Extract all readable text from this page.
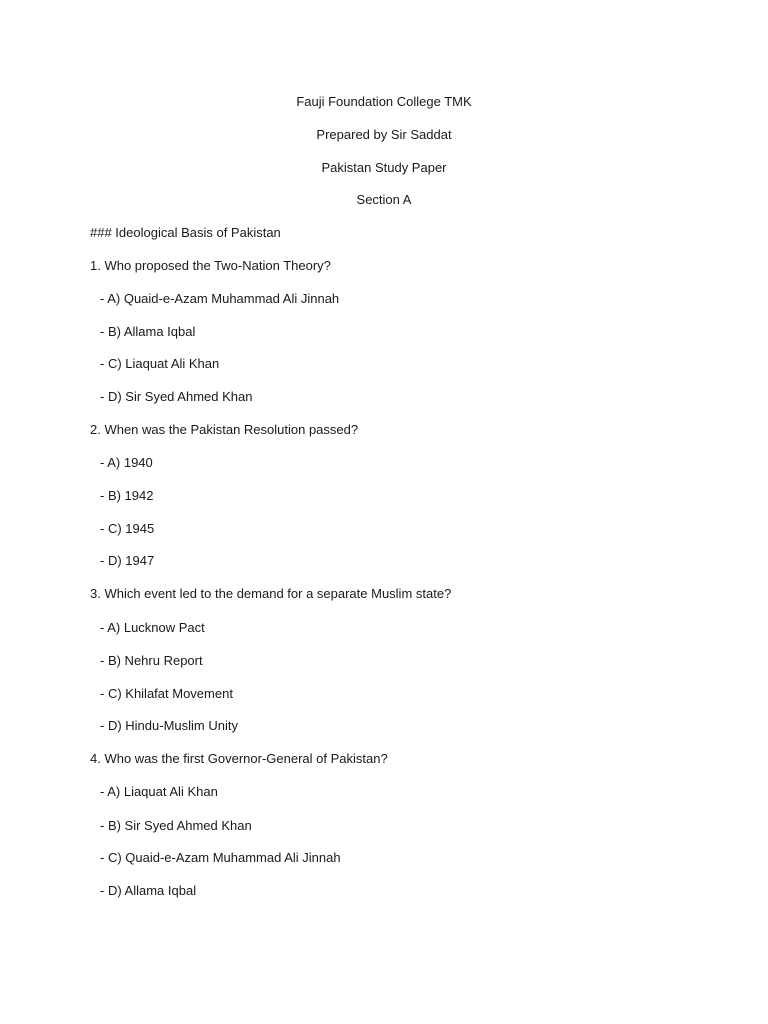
Fauji Foundation College TMK
Prepared by Sir Saddat
Pakistan Study Paper
Section A
### Ideological Basis of Pakistan
1. Who proposed the Two-Nation Theory?
- A) Quaid-e-Azam Muhammad Ali Jinnah
- B) Allama Iqbal
- C) Liaquat Ali Khan
- D) Sir Syed Ahmed Khan
2. When was the Pakistan Resolution passed?
- A) 1940
- B) 1942
- C) 1945
- D) 1947
3. Which event led to the demand for a separate Muslim state?
- A) Lucknow Pact
- B) Nehru Report
- C) Khilafat Movement
- D) Hindu-Muslim Unity
4. Who was the first Governor-General of Pakistan?
- A) Liaquat Ali Khan
- B) Sir Syed Ahmed Khan
- C) Quaid-e-Azam Muhammad Ali Jinnah
- D) Allama Iqbal
